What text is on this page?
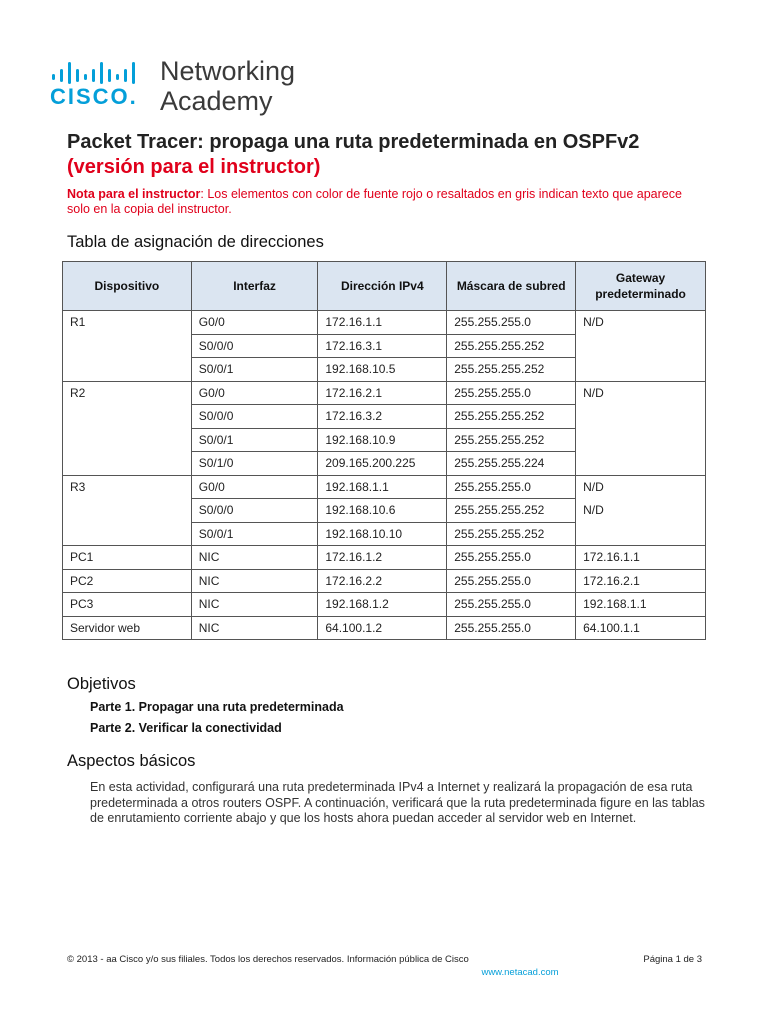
CISCO.
Networking
Academy
Packet Tracer: propaga una ruta predeterminada en OSPFv2
(versión para el instructor)
Nota para el instructor: Los elementos con color de fuente rojo o resaltados en gris indican texto que aparece solo en la copia del instructor.
Tabla de asignación de direcciones
Dispositivo	Interfaz	Dirección IPv4	Máscara de subred	Gateway predeterminado
R1	G0/0	172.16.1.1	255.255.255.0	N/D
	S0/0/0	172.16.3.1	255.255.255.252	
	S0/0/1	192.168.10.5	255.255.255.252	
R2	G0/0	172.16.2.1	255.255.255.0	N/D
	S0/0/0	172.16.3.2	255.255.255.252	
	S0/0/1	192.168.10.9	255.255.255.252	
	S0/1/0	209.165.200.225	255.255.255.224	
R3	G0/0	192.168.1.1	255.255.255.0	N/D
	S0/0/0	192.168.10.6	255.255.255.252	N/D
	S0/0/1	192.168.10.10	255.255.255.252	
PC1	NIC	172.16.1.2	255.255.255.0	172.16.1.1
PC2	NIC	172.16.2.2	255.255.255.0	172.16.2.1
PC3	NIC	192.168.1.2	255.255.255.0	192.168.1.1
Servidor web	NIC	64.100.1.2	255.255.255.0	64.100.1.1
Objetivos
Parte 1. Propagar una ruta predeterminada
Parte 2. Verificar la conectividad
Aspectos básicos
En esta actividad, configurará una ruta predeterminada IPv4 a Internet y realizará la propagación de esa ruta predeterminada a otros routers OSPF. A continuación, verificará que la ruta predeterminada figure en las tablas de enrutamiento corriente abajo y que los hosts ahora puedan acceder al servidor web en Internet.
© 2013 - aa Cisco y/o sus filiales. Todos los derechos reservados. Información pública de Cisco	Página 1 de 3
www.netacad.com
